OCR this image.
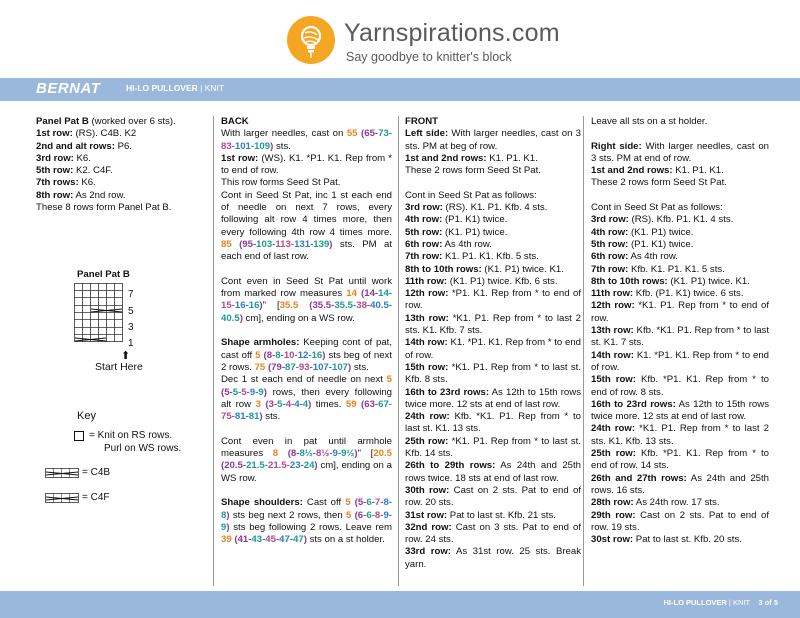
Yarnspirations.com
Say goodbye to knitter's block
BERNAT	HI-LO PULLOVER | KNIT

Panel Pat B (worked over 6 sts).

1st row: (RS). C4B. K2

2nd and alt rows: P6.

3rd row: K6.

5th row: K2. C4F.

7th rows: K6.

8th row: As 2nd row.

These 8 rows form Panel Pat B.

Panel Pat B
7
5
3
1
⬆
Start Here
Key
= Knit on RS rows.
Purl on WS rows.
= C4B
= C4F

BACK

With larger needles, cast on 55 (65-73-83-101-109) sts.

1st row: (WS). K1. *P1. K1. Rep from * to end of row.

This row forms Seed St Pat.

Cont in Seed St Pat, inc 1 st each end of needle on next 7 rows, every following alt row 4 times more, then every following 4th row 4 times more. 85 (95-103-113-131-139) sts. PM at each end of last row.

Cont even in Seed St Pat until work from marked row measures 14 (14-14-15-16-16)" [35.5 (35.5-35.5-38-40.5-40.5) cm], ending on a WS row.

Shape armholes: Keeping cont of pat, cast off 5 (8-8-10-12-16) sts beg of next 2 rows. 75 (79-87-93-107-107) sts.

Dec 1 st each end of needle on next 5 (5-5-5-9-9) rows, then every following alt row 3 (3-5-4-4-4) times. 59 (63-67-75-81-81) sts.

Cont even in pat until armhole measures 8 (8-8½-8½-9-9½)" [20.5 (20.5-21.5-21.5-23-24) cm], ending on a WS row.

Shape shoulders: Cast off 5 (5-6-7-8-8) sts beg next 2 rows, then 5 (6-6-8-9-9) sts beg following 2 rows. Leave rem 39 (41-43-45-47-47) sts on a st holder.

FRONT

Left side: With larger needles, cast on 3 sts. PM at beg of row.

1st and 2nd rows: K1. P1. K1.

These 2 rows form Seed St Pat.

Cont in Seed St Pat as follows:

3rd row: (RS). K1. P1. Kfb. 4 sts.

4th row: (P1. K1) twice.

5th row: (K1. P1) twice.

6th row: As 4th row.

7th row: K1. P1. K1. Kfb. 5 sts.

8th to 10th rows: (K1. P1) twice. K1.

11th row: (K1. P1) twice. Kfb. 6 sts.

12th row: *P1. K1. Rep from * to end of row.

13th row: *K1. P1. Rep from * to last 2 sts. K1. Kfb. 7 sts.

14th row: K1. *P1. K1. Rep from * to end of row.

15th row: *K1. P1. Rep from * to last st. Kfb. 8 sts.

16th to 23rd rows: As 12th to 15th rows twice more. 12 sts at end of last row.

24th row: Kfb. *K1. P1. Rep from * to last st. K1. 13 sts.

25th row: *K1. P1. Rep from * to last st. Kfb. 14 sts.

26th to 29th rows: As 24th and 25th rows twice. 18 sts at end of last row.

30th row: Cast on 2 sts. Pat to end of row. 20 sts.

31st row: Pat to last st. Kfb. 21 sts.

32nd row: Cast on 3 sts. Pat to end of row. 24 sts.

33rd row: As 31st row. 25 sts. Break yarn.

Leave all sts on a st holder.

Right side: With larger needles, cast on 3 sts. PM at end of row.

1st and 2nd rows: K1. P1. K1.

These 2 rows form Seed St Pat.

Cont in Seed St Pat as follows:

3rd row: (RS). Kfb. P1. K1. 4 sts.

4th row: (K1. P1) twice.

5th row: (P1. K1) twice.

6th row: As 4th row.

7th row: Kfb. K1. P1. K1. 5 sts.

8th to 10th rows: (K1. P1) twice. K1.

11th row: Kfb. (P1. K1) twice. 6 sts.

12th row: *K1. P1. Rep from * to end of row.

13th row: Kfb. *K1. P1. Rep from * to last st. K1. 7 sts.

14th row: K1. *P1. K1. Rep from * to end of row.

15th row: Kfb. *P1. K1. Rep from * to end of row. 8 sts.

16th to 23rd rows: As 12th to 15th rows twice more. 12 sts at end of last row.

24th row: *K1. P1. Rep from * to last 2 sts. K1. Kfb. 13 sts.

25th row: Kfb. *P1. K1. Rep from * to end of row. 14 sts.

26th and 27th rows: As 24th and 25th rows. 16 sts.

28th row: As 24th row. 17 sts.

29th row: Cast on 2 sts. Pat to end of row. 19 sts.

30st row: Pat to last st. Kfb. 20 sts.

HI-LO PULLOVER | KNIT 3 of 5
